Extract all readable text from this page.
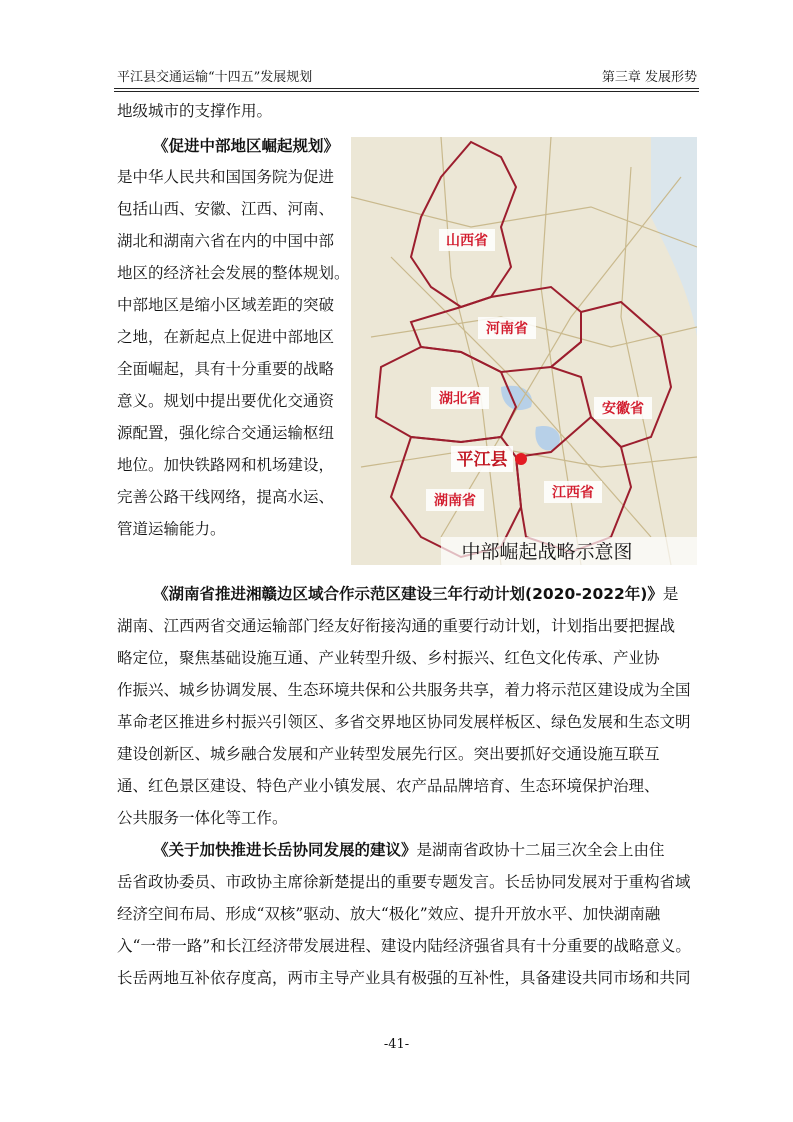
平江县交通运输“十四五”发展规划	第三章 发展形势
地级城市的支撑作用。
《促进中部地区崛起规划》
是中华人民共和国国务院为促进
包括山西、安徽、江西、河南、
湖北和湖南六省在内的中国中部
地区的经济社会发展的整体规划。
中部地区是缩小区域差距的突破
之地，在新起点上促进中部地区
全面崛起，具有十分重要的战略
意义。规划中提出要优化交通资
源配置，强化综合交通运输枢纽
地位。加快铁路网和机场建设，
完善公路干线网络，提高水运、
管道运输能力。
山西省
河南省
湖北省
安徽省
湖南省	江西省
平江县
中部崛起战略示意图
《湖南省推进湘赣边区域合作示范区建设三年行动计划(2020-2022年)》是
湖南、江西两省交通运输部门经友好衔接沟通的重要行动计划，计划指出要把握战
略定位，聚焦基础设施互通、产业转型升级、乡村振兴、红色文化传承、产业协
作振兴、城乡协调发展、生态环境共保和公共服务共享，着力将示范区建设成为全国
革命老区推进乡村振兴引领区、多省交界地区协同发展样板区、绿色发展和生态文明
建设创新区、城乡融合发展和产业转型发展先行区。突出要抓好交通设施互联互
通、红色景区建设、特色产业小镇发展、农产品品牌培育、生态环境保护治理、
公共服务一体化等工作。
《关于加快推进长岳协同发展的建议》是湖南省政协十二届三次全会上由住
岳省政协委员、市政协主席徐新楚提出的重要专题发言。长岳协同发展对于重构省域
经济空间布局、形成“双核”驱动、放大“极化”效应、提升开放水平、加快湖南融
入“一带一路”和长江经济带发展进程、建设内陆经济强省具有十分重要的战略意义。
长岳两地互补依存度高，两市主导产业具有极强的互补性，具备建设共同市场和共同
-41-
